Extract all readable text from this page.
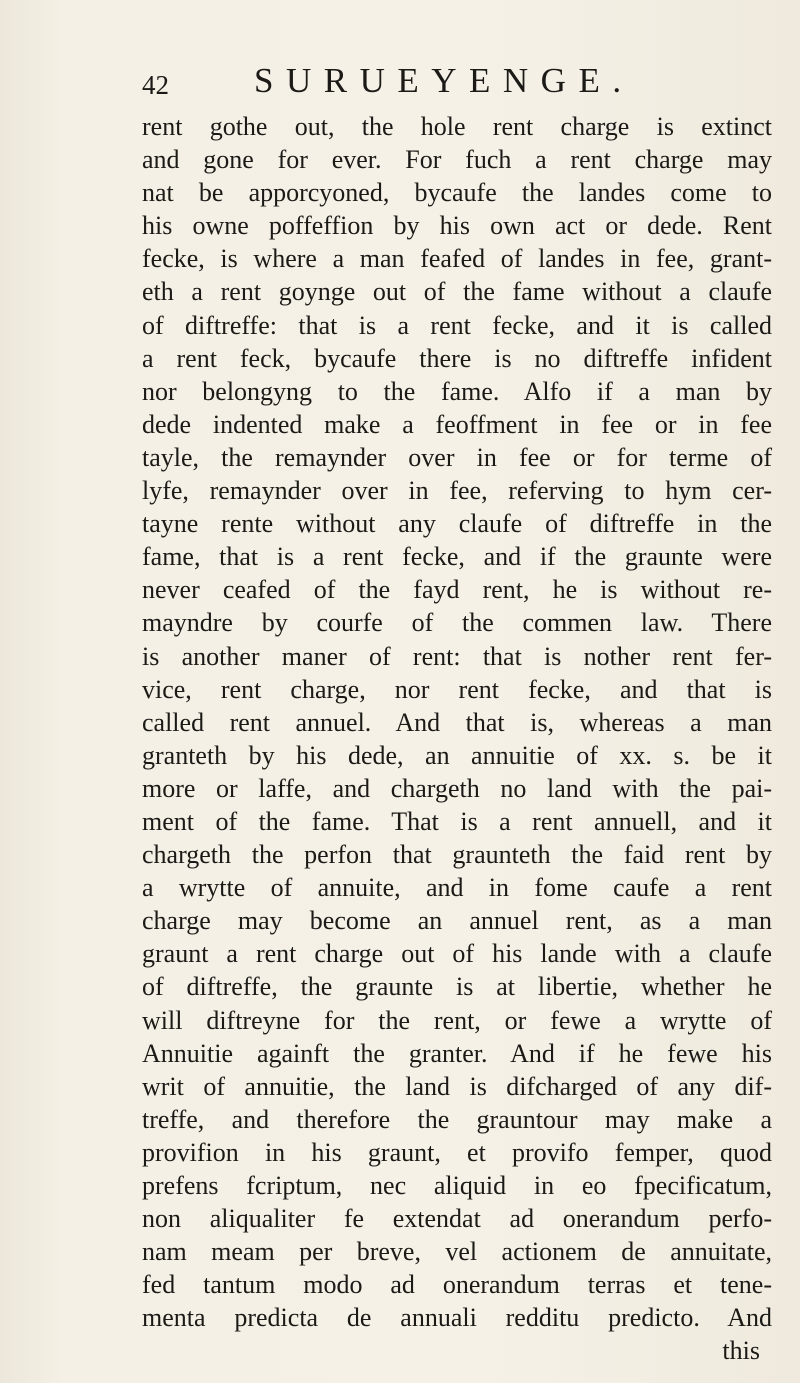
42 SURUEYENGE.
rent gothe out, the hole rent charge is extinct
and gone for ever. For fuch a rent charge may
nat be apporcyoned, bycaufe the landes come to
his owne poffeffion by his own act or dede. Rent
fecke, is where a man feafed of landes in fee, grant-
eth a rent goynge out of the fame without a claufe
of diftreffe: that is a rent fecke, and it is called
a rent feck, bycaufe there is no diftreffe infident
nor belongyng to the fame. Alfo if a man by
dede indented make a feoffment in fee or in fee
tayle, the remaynder over in fee or for terme of
lyfe, remaynder over in fee, referving to hym cer-
tayne rente without any claufe of diftreffe in the
fame, that is a rent fecke, and if the graunte were
never ceafed of the fayd rent, he is without re-
mayndre by courfe of the commen law. There
is another maner of rent: that is nother rent fer-
vice, rent charge, nor rent fecke, and that is
called rent annuel. And that is, whereas a man
granteth by his dede, an annuitie of xx. s. be it
more or laffe, and chargeth no land with the pai-
ment of the fame. That is a rent annuell, and it
chargeth the perfon that graunteth the faid rent by
a wrytte of annuite, and in fome caufe a rent
charge may become an annuel rent, as a man
graunt a rent charge out of his lande with a claufe
of diftreffe, the graunte is at libertie, whether he
will diftreyne for the rent, or fewe a wrytte of
Annuitie againft the granter. And if he fewe his
writ of annuitie, the land is difcharged of any dif-
treffe, and therefore the grauntour may make a
provifion in his graunt, et provifo femper, quod
prefens fcriptum, nec aliquid in eo fpecificatum,
non aliqualiter fe extendat ad onerandum perfo-
nam meam per breve, vel actionem de annuitate,
fed tantum modo ad onerandum terras et tene-
menta predicta de annuali redditu predicto. And
this
